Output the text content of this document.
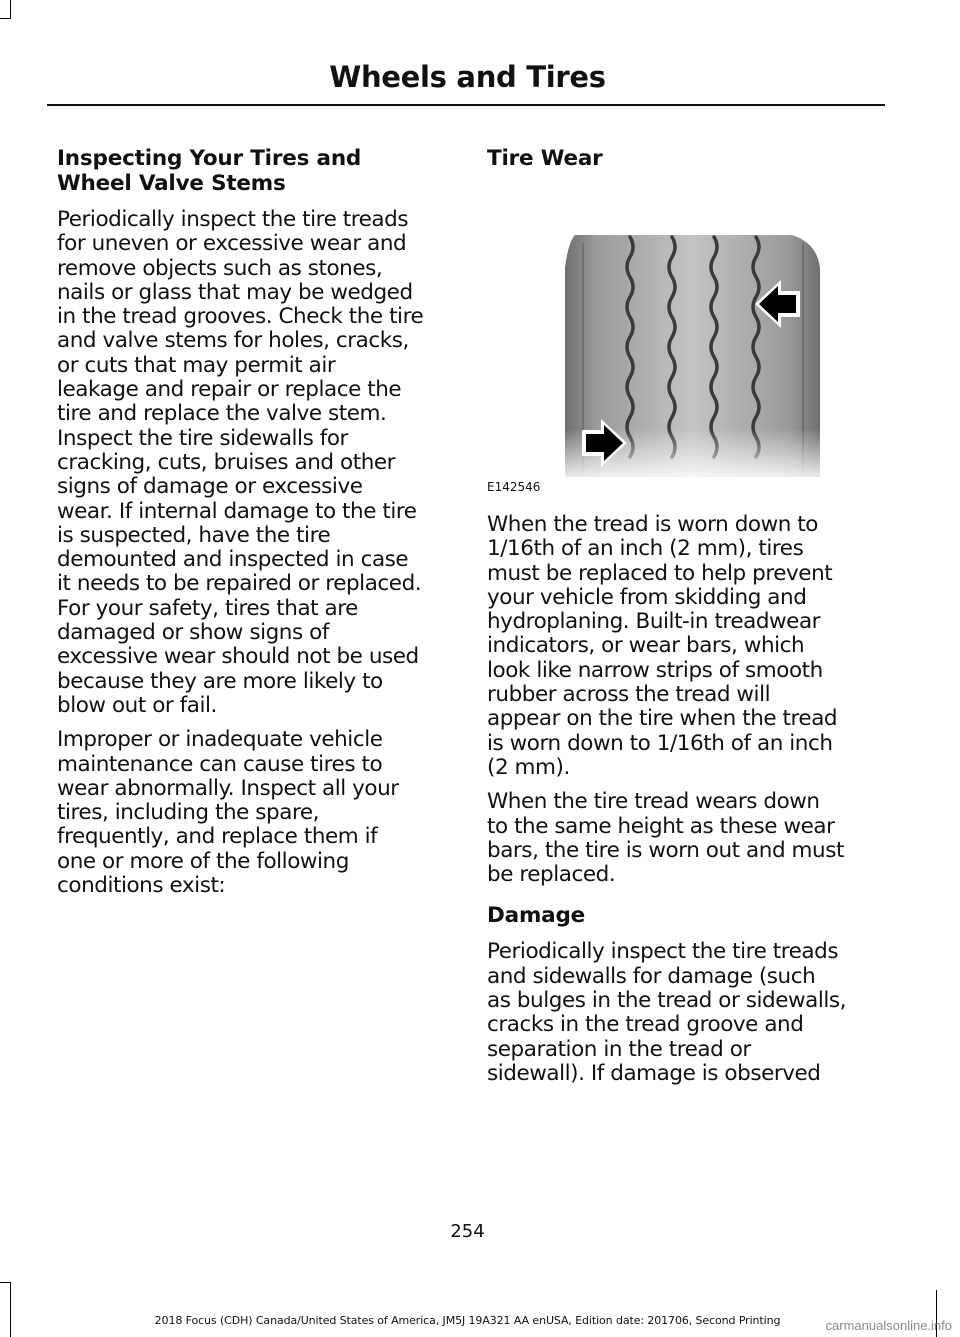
Wheels and Tires
Inspecting Your Tires and
Wheel Valve Stems

Periodically inspect the tire treads
for uneven or excessive wear and
remove objects such as stones,
nails or glass that may be wedged
in the tread grooves. Check the tire
and valve stems for holes, cracks,
or cuts that may permit air
leakage and repair or replace the
tire and replace the valve stem.
Inspect the tire sidewalls for
cracking, cuts, bruises and other
signs of damage or excessive
wear. If internal damage to the tire
is suspected, have the tire
demounted and inspected in case
it needs to be repaired or replaced.
For your safety, tires that are
damaged or show signs of
excessive wear should not be used
because they are more likely to
blow out or fail.

Improper or inadequate vehicle
maintenance can cause tires to
wear abnormally. Inspect all your
tires, including the spare,
frequently, and replace them if
one or more of the following
conditions exist:

Tire Wear
E142546

When the tread is worn down to
1/16th of an inch (2 mm), tires
must be replaced to help prevent
your vehicle from skidding and
hydroplaning. Built-in treadwear
indicators, or wear bars, which
look like narrow strips of smooth
rubber across the tread will
appear on the tire when the tread
is worn down to 1/16th of an inch
(2 mm).

When the tire tread wears down
to the same height as these wear
bars, the tire is worn out and must
be replaced.

Damage

Periodically inspect the tire treads
and sidewalls for damage (such
as bulges in the tread or sidewalls,
cracks in the tread groove and
separation in the tread or
sidewall). If damage is observed

254
2018 Focus (CDH) Canada/United States of America, JM5J 19A321 AA enUSA, Edition date: 201706, Second Printing	carmanualsonline.info
